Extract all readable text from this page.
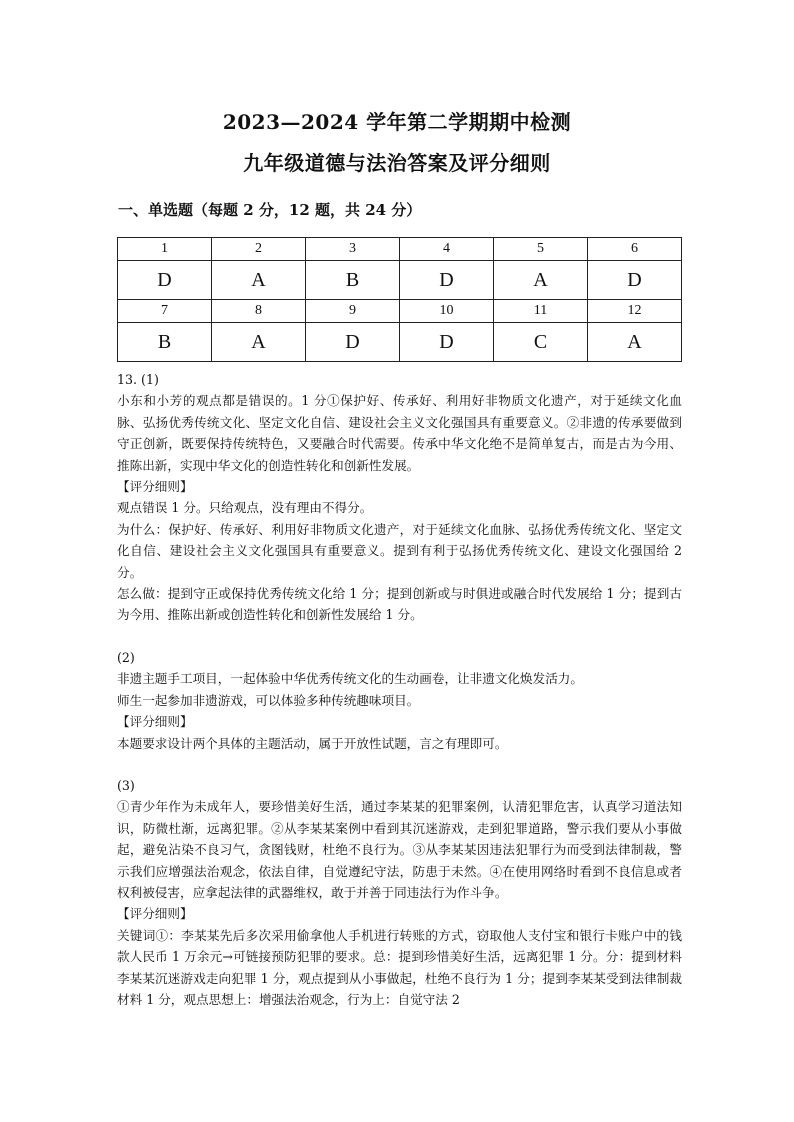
2023—2024 学年第二学期期中检测
九年级道德与法治答案及评分细则
一、单选题（每题 2 分，12 题，共 24 分）
1	2	3	4	5	6
D	A	B	D	A	D
7	8	9	10	11	12
B	A	D	D	C	A

13. (1)

小东和小芳的观点都是错误的。1 分①保护好、传承好、利用好非物质文化遗产，对于延续文化血脉、弘扬优秀传统文化、坚定文化自信、建设社会主义文化强国具有重要意义。②非遗的传承要做到守正创新，既要保持传统特色，又要融合时代需要。传承中华文化绝不是简单复古，而是古为今用、推陈出新，实现中华文化的创造性转化和创新性发展。

【评分细则】

观点错误 1 分。只给观点，没有理由不得分。

为什么：保护好、传承好、利用好非物质文化遗产，对于延续文化血脉、弘扬优秀传统文化、坚定文化自信、建设社会主义文化强国具有重要意义。提到有利于弘扬优秀传统文化、建设文化强国给 2 分。

怎么做：提到守正或保持优秀传统文化给 1 分；提到创新或与时俱进或融合时代发展给 1 分；提到古为今用、推陈出新或创造性转化和创新性发展给 1 分。

(2)

非遗主题手工项目，一起体验中华优秀传统文化的生动画卷，让非遗文化焕发活力。

师生一起参加非遗游戏，可以体验多种传统趣味项目。

【评分细则】

本题要求设计两个具体的主题活动，属于开放性试题，言之有理即可。

(3)

①青少年作为未成年人，要珍惜美好生活，通过李某某的犯罪案例，认清犯罪危害，认真学习道法知识，防微杜渐，远离犯罪。②从李某某案例中看到其沉迷游戏，走到犯罪道路，警示我们要从小事做起，避免沾染不良习气，贪图钱财，杜绝不良行为。③从李某某因违法犯罪行为而受到法律制裁，警示我们应增强法治观念，依法自律，自觉遵纪守法，防患于未然。④在使用网络时看到不良信息或者权利被侵害，应拿起法律的武器维权，敢于并善于同违法行为作斗争。

【评分细则】

关键词①：李某某先后多次采用偷拿他人手机进行转账的方式，窃取他人支付宝和银行卡账户中的钱款人民币 1 万余元→可链接预防犯罪的要求。总：提到珍惜美好生活，远离犯罪 1 分。分：提到材料李某某沉迷游戏走向犯罪 1 分，观点提到从小事做起，杜绝不良行为 1 分；提到李某某受到法律制裁 材料 1 分，观点思想上：增强法治观念，行为上：自觉守法 2
